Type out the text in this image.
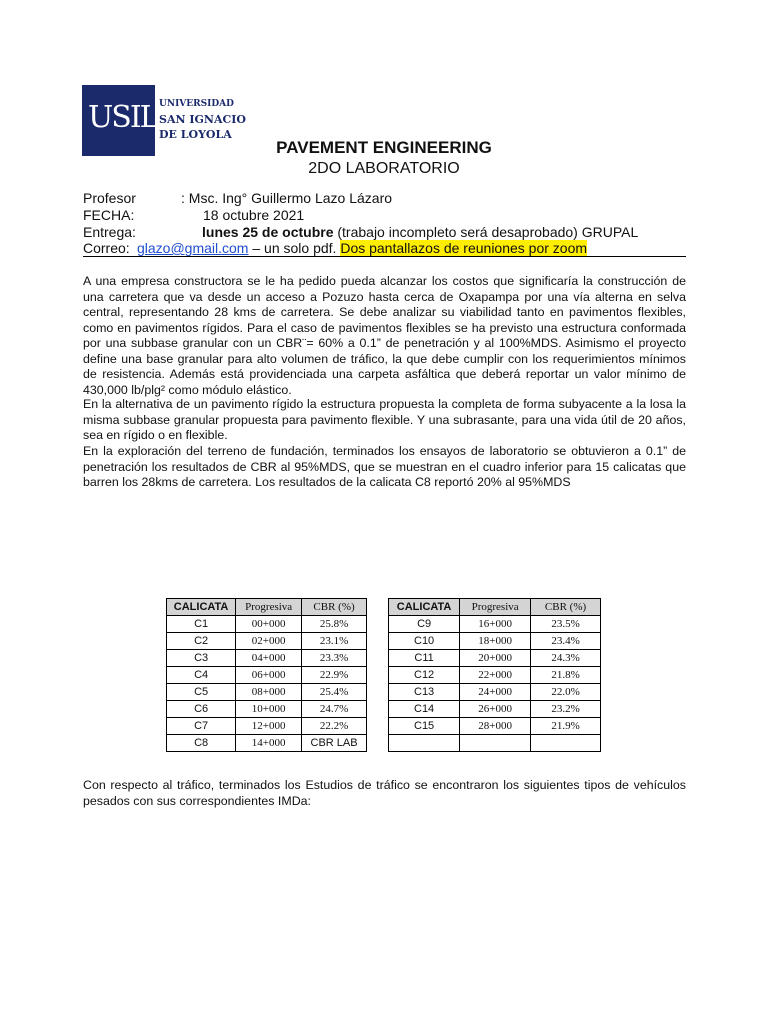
USIL UNIVERSIDAD
SAN IGNACIO
DE LOYOLA
PAVEMENT ENGINEERING
2DO LABORATORIO
Profesor	: Msc. Ing° Guillermo Lazo Lázaro
FECHA:	18 octubre 2021
Entrega:	lunes 25 de octubre (trabajo incompleto será desaprobado) GRUPAL
Correo: glazo@gmail.com – un solo pdf. Dos pantallazos de reuniones por zoom
A una empresa constructora se le ha pedido pueda alcanzar los costos que significaría la construcción de una carretera que va desde un acceso a Pozuzo hasta cerca de Oxapampa por una vía alterna en selva central, representando 28 kms de carretera. Se debe analizar su viabilidad tanto en pavimentos flexibles, como en pavimentos rígidos. Para el caso de pavimentos flexibles se ha previsto una estructura conformada por una subbase granular con un CBR¨= 60% a 0.1” de penetración y al 100%MDS. Asimismo el proyecto define una base granular para alto volumen de tráfico, la que debe cumplir con los requerimientos mínimos de resistencia. Además está providenciada una carpeta asfáltica que deberá reportar un valor mínimo de 430,000 lb/plg² como módulo elástico.
En la alternativa de un pavimento rígido la estructura propuesta la completa de forma subyacente a la losa la misma subbase granular propuesta para pavimento flexible. Y una subrasante, para una vida útil de 20 años, sea en rígido o en flexible.
En la exploración del terreno de fundación, terminados los ensayos de laboratorio se obtuvieron a 0.1” de penetración los resultados de CBR al 95%MDS, que se muestran en el cuadro inferior para 15 calicatas que barren los 28kms de carretera. Los resultados de la calicata C8 reportó 20% al 95%MDS
CALICATA	Progresiva	CBR (%)
C1	00+000	25.8%
C2	02+000	23.1%
C3	04+000	23.3%
C4	06+000	22.9%
C5	08+000	25.4%
C6	10+000	24.7%
C7	12+000	22.2%
C8	14+000	CBR LAB
CALICATA	Progresiva	CBR (%)
C9	16+000	23.5%
C10	18+000	23.4%
C11	20+000	24.3%
C12	22+000	21.8%
C13	24+000	22.0%
C14	26+000	23.2%
C15	28+000	21.9%

Con respecto al tráfico, terminados los Estudios de tráfico se encontraron los siguientes tipos de vehículos pesados con sus correspondientes IMDa:
